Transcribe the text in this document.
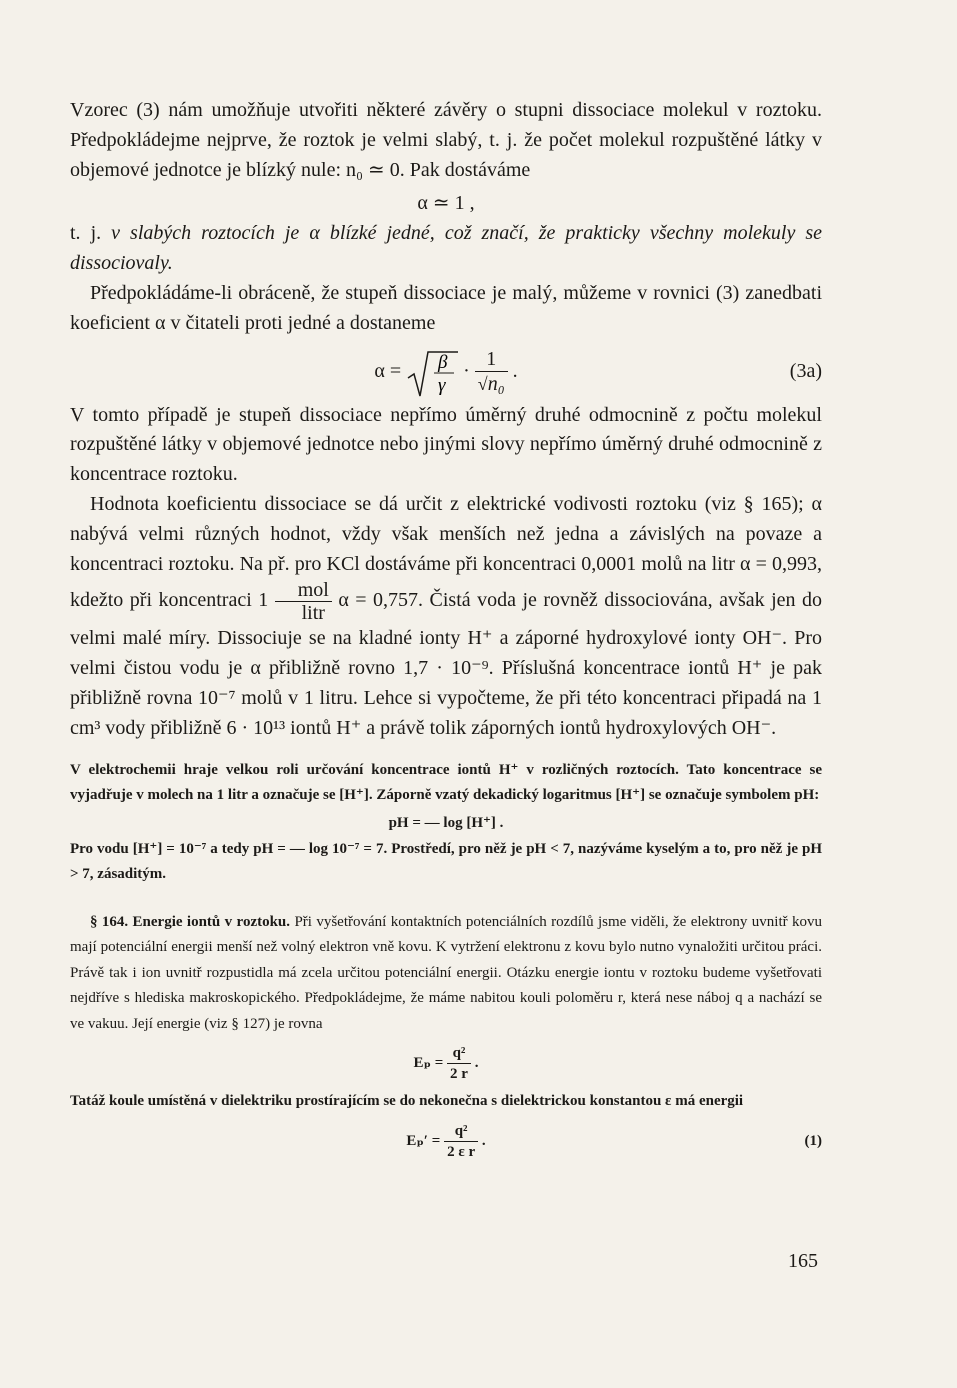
Vzorec (3) nám umožňuje utvořiti některé závěry o stupni dissociace molekul v roztoku. Předpokládejme nejprve, že roztok je velmi slabý, t. j. že počet molekul rozpuštěné látky v objemové jednotce je blízký nule: n₀ ≃ 0. Pak dostáváme

α ≃ 1 ,

t. j. v slabých roztocích je α blízké jedné, což značí, že prakticky všechny molekuly se dissociovaly.

Předpokládáme-li obráceně, že stupeň dissociace je malý, můžeme v rovnici (3) zanedbati koeficient α v čitateli proti jedné a dostaneme

α = β
γ
· $\frac{1}{\text{√n₀}}$ .	(3a)

V tomto případě je stupeň dissociace nepřímo úměrný druhé odmocnině z počtu molekul rozpuštěné látky v objemové jednotce nebo jinými slovy nepřímo úměrný druhé odmocnině z koncentrace roztoku.

Hodnota koeficientu dissociace se dá určit z elektrické vodivosti roztoku (viz § 165); α nabývá velmi různých hodnot, vždy však menších než jedna a závislých na povaze a koncentraci roztoku. Na př. pro KCl dostáváme při koncentraci 0,0001 molů na litr α = 0,993, kdežto při koncentraci $1 \frac{\text{mol}}{\text{litr}}$ α = 0,757. Čistá voda je rovněž dissociována, avšak jen do velmi malé míry. Dissociuje se na kladné ionty H⁺ a záporné hydroxylové ionty OH⁻. Pro velmi čistou vodu je α přibližně rovno 1,7 · 10⁻⁹. Příslušná koncentrace iontů H⁺ je pak přibližně rovna 10⁻⁷ molů v 1 litru. Lehce si vypočteme, že při této koncentraci připadá na 1 cm³ vody přibližně 6 · 10¹³ iontů H⁺ a právě tolik záporných iontů hydroxylových OH⁻.

V elektrochemii hraje velkou roli určování koncentrace iontů H⁺ v rozličných roztocích. Tato koncentrace se vyjadřuje v molech na 1 litr a označuje se [H⁺]. Záporně vzatý dekadický logaritmus [H⁺] se označuje symbolem pH:

pH = — log [H⁺] .

Pro vodu [H⁺] = 10⁻⁷ a tedy pH = — log 10⁻⁷ = 7. Prostředí, pro něž je pH < 7, nazýváme kyselým a to, pro něž je pH > 7, zásaditým.

§ 164. Energie iontů v roztoku. Při vyšetřování kontaktních potenciálních rozdílů jsme viděli, že elektrony uvnitř kovu mají potenciální energii menší než volný elektron vně kovu. K vytržení elektronu z kovu bylo nutno vynaložiti určitou práci. Právě tak i ion uvnitř rozpustidla má zcela určitou potenciální energii. Otázku energie iontu v roztoku budeme vyšetřovati nejdříve s hlediska makroskopického. Předpokládejme, že máme nabitou kouli poloměru r, která nese náboj q a nachází se ve vakuu. Její energie (viz § 127) je rovna

$E_p = \frac{\text{q²}}{2 r}$ .

Tatáž koule umístěná v dielektriku prostírajícím se do nekonečna s dielektrickou konstantou ε má energii

$E_p' = \frac{\text{q²}}{\text{2 ε r}}$ .	(1)
165
